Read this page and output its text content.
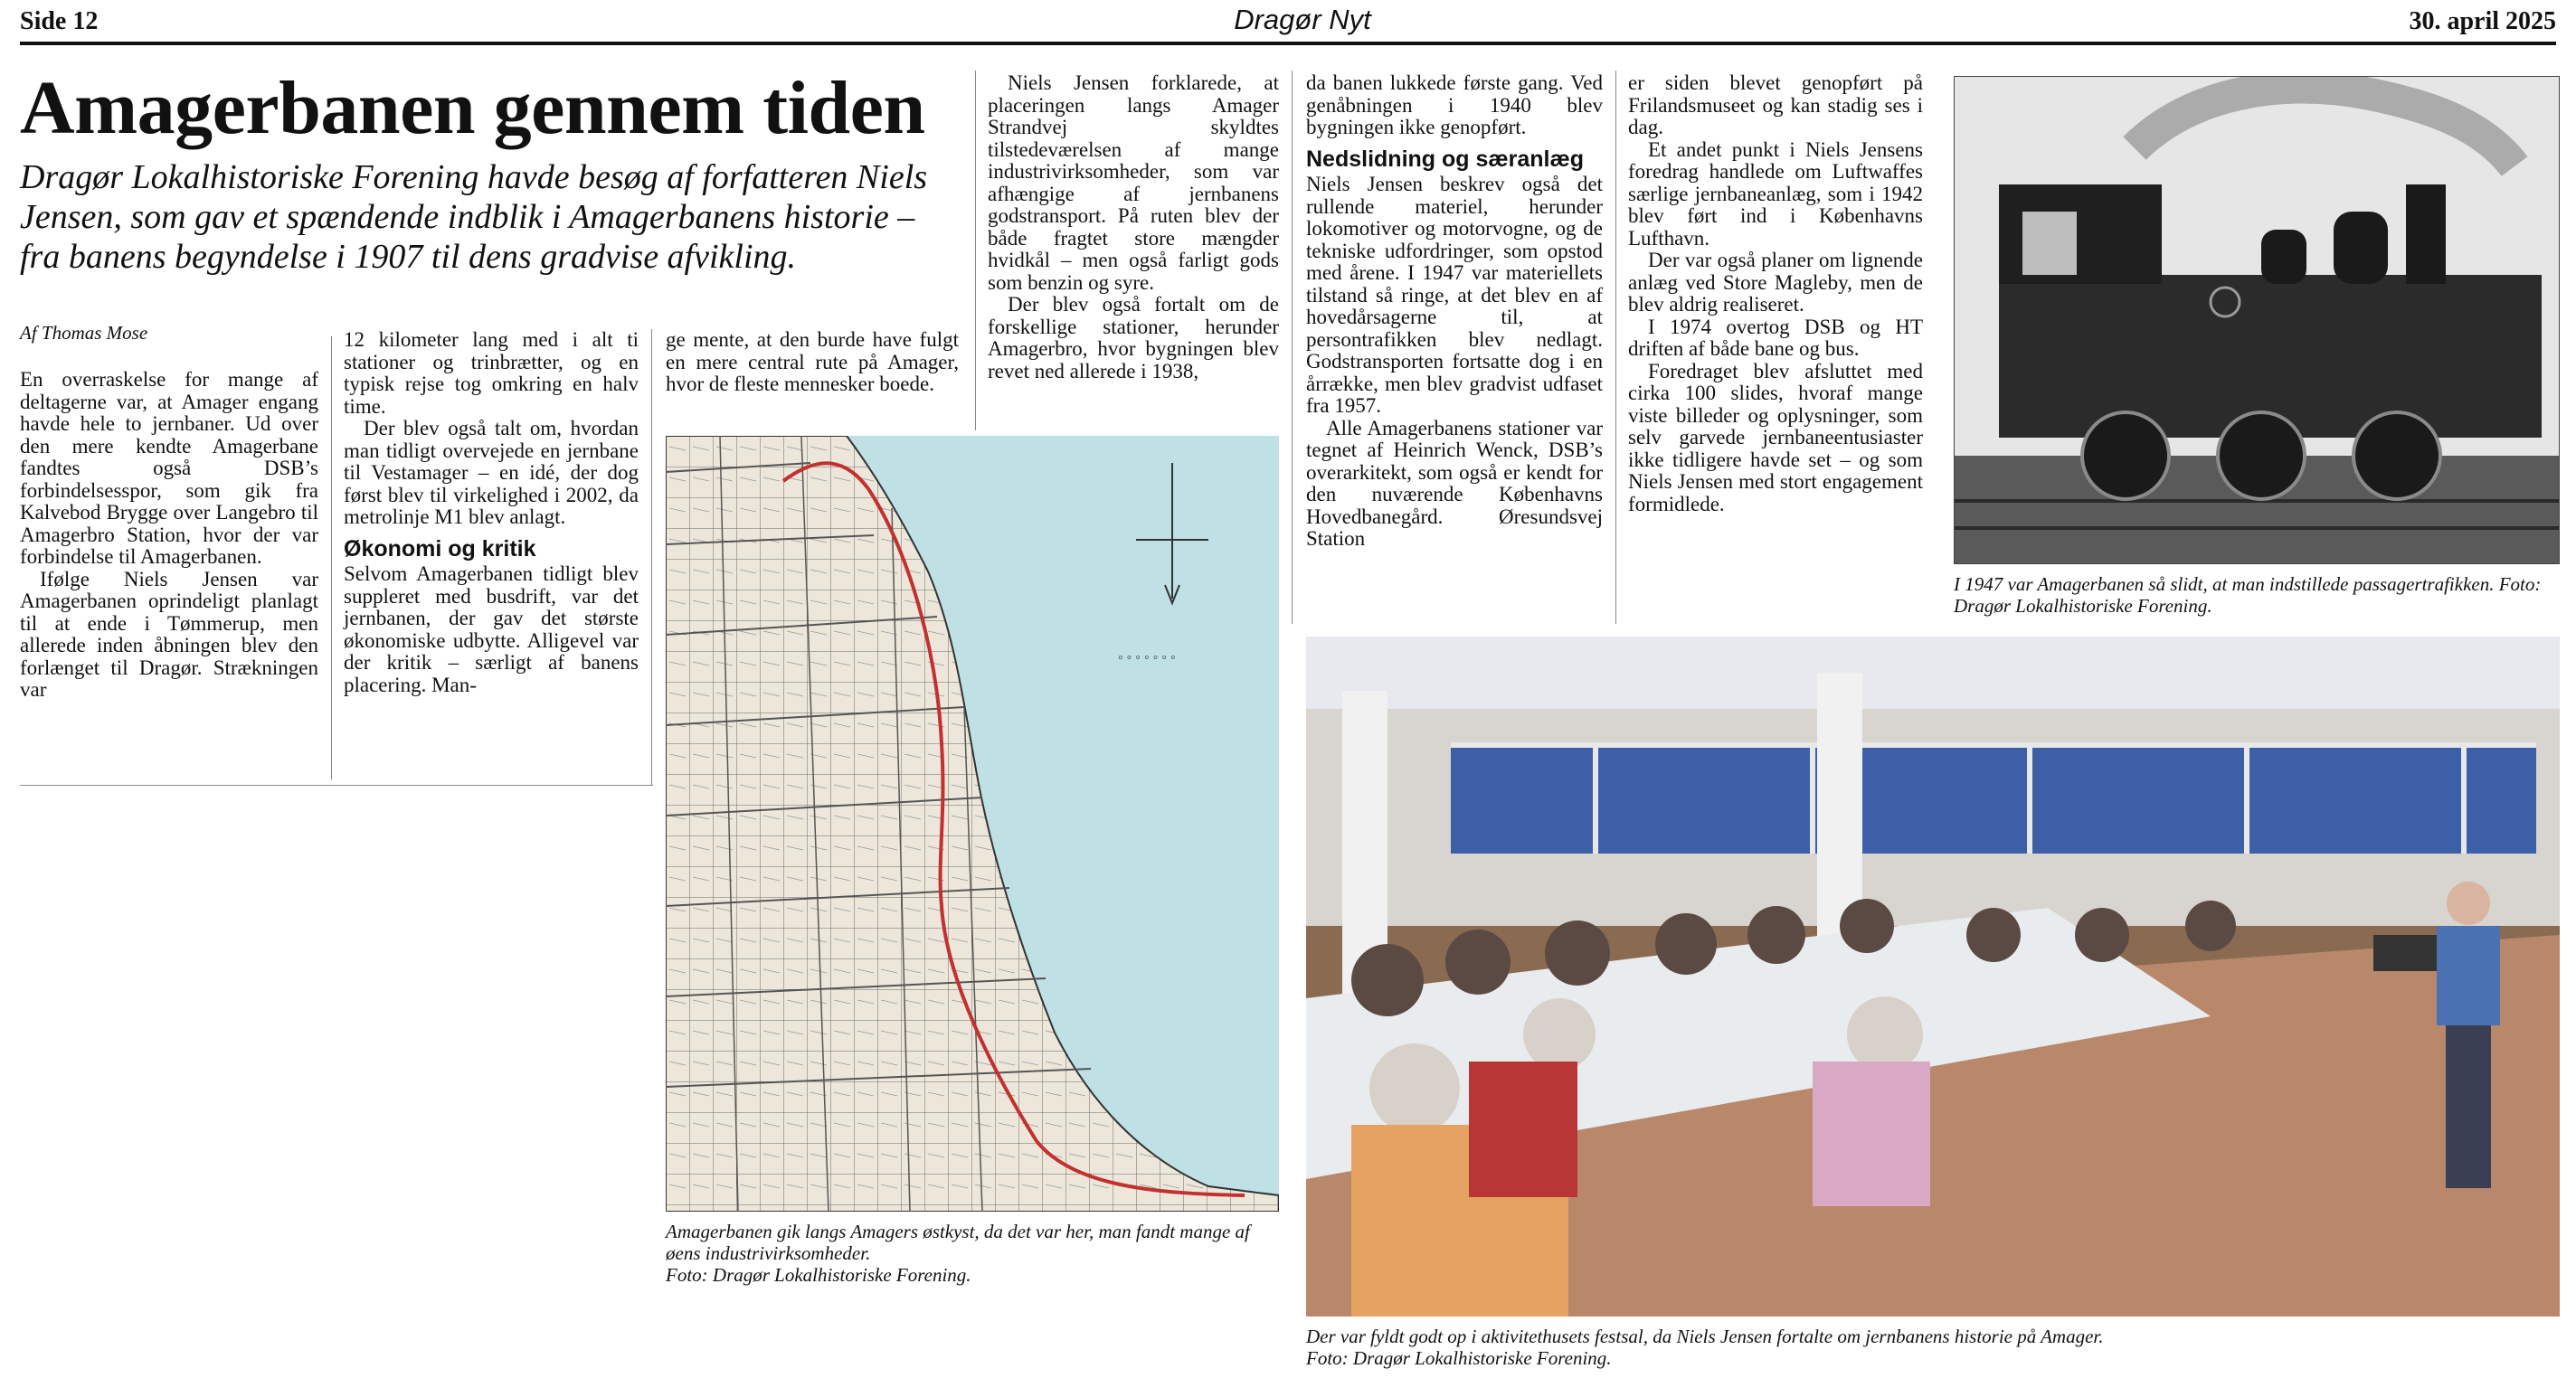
Side 12	Dragør Nyt	30. april 2025
Amagerbanen gennem tiden
Dragør Lokalhistoriske Forening havde besøg af forfatteren Niels Jensen, som gav et spændende indblik i Amagerbanens historie – fra banens begyndelse i 1907 til dens gradvise afvikling.
Af Thomas Mose

En overraskelse for mange af deltagerne var, at Amager engang havde hele to jernbaner. Ud over den mere kendte Amagerbane fandtes også DSB’s forbindelsesspor, som gik fra Kalvebod Brygge over Langebro til Amagerbro Station, hvor der var forbindelse til Amagerbanen.

Ifølge Niels Jensen var Amagerbanen oprindeligt planlagt til at ende i Tømmerup, men allerede inden åbningen blev den forlænget til Dragør. Strækningen var

12 kilometer lang med i alt ti stationer og trinbrætter, og en typisk rejse tog omkring en halv time.

Der blev også talt om, hvordan man tidligt overvejede en jernbane til Vestamager – en idé, der dog først blev til virkelighed i 2002, da metrolinje M1 blev anlagt.

Økonomi og kritik

Selvom Amagerbanen tidligt blev suppleret med busdrift, var det jernbanen, der gav det største økonomiske udbytte. Alligevel var der kritik – særligt af banens placering. Man-

ge mente, at den burde have fulgt en mere central rute på Amager, hvor de fleste mennesker boede.

◦ ◦ ◦ ◦ ◦ ◦ ◦
Amagerbanen gik langs Amagers østkyst, da det var her, man fandt mange af øens industrivirksomheder.
Foto: Dragør Lokalhistoriske Forening.

Niels Jensen forklarede, at placeringen langs Amager Strandvej skyldtes tilstedeværelsen af mange industrivirksomheder, som var afhængige af jernbanens godstransport. På ruten blev der både fragtet store mængder hvidkål – men også farligt gods som benzin og syre.

Der blev også fortalt om de forskellige stationer, herunder Amagerbro, hvor bygningen blev revet ned allerede i 1938,

da banen lukkede første gang. Ved genåbningen i 1940 blev bygningen ikke genopført.

Nedslidning og særanlæg

Niels Jensen beskrev også det rullende materiel, herunder lokomotiver og motorvogne, og de tekniske udfordringer, som opstod med årene. I 1947 var materiellets tilstand så ringe, at det blev en af hovedårsagerne til, at persontrafikken blev nedlagt. Godstransporten fortsatte dog i en årrække, men blev gradvist udfaset fra 1957.

Alle Amagerbanens stationer var tegnet af Heinrich Wenck, DSB’s overarkitekt, som også er kendt for den nuværende Københavns Hovedbanegård. Øresundsvej Station

er siden blevet genopført på Frilandsmuseet og kan stadig ses i dag.

Et andet punkt i Niels Jensens foredrag handlede om Luftwaffes særlige jernbaneanlæg, som i 1942 blev ført ind i Københavns Lufthavn.

Der var også planer om lignende anlæg ved Store Magleby, men de blev aldrig realiseret.

I 1974 overtog DSB og HT driften af både bane og bus.

Foredraget blev afsluttet med cirka 100 slides, hvoraf mange viste billeder og oplysninger, som selv garvede jernbaneentusiaster ikke tidligere havde set – og som Niels Jensen med stort engagement formidlede.

I 1947 var Amagerbanen så slidt, at man indstillede passagertrafikken. Foto: Dragør Lokalhistoriske Forening.
Der var fyldt godt op i aktivitethusets festsal, da Niels Jensen fortalte om jernbanens historie på Amager.
Foto: Dragør Lokalhistoriske Forening.
